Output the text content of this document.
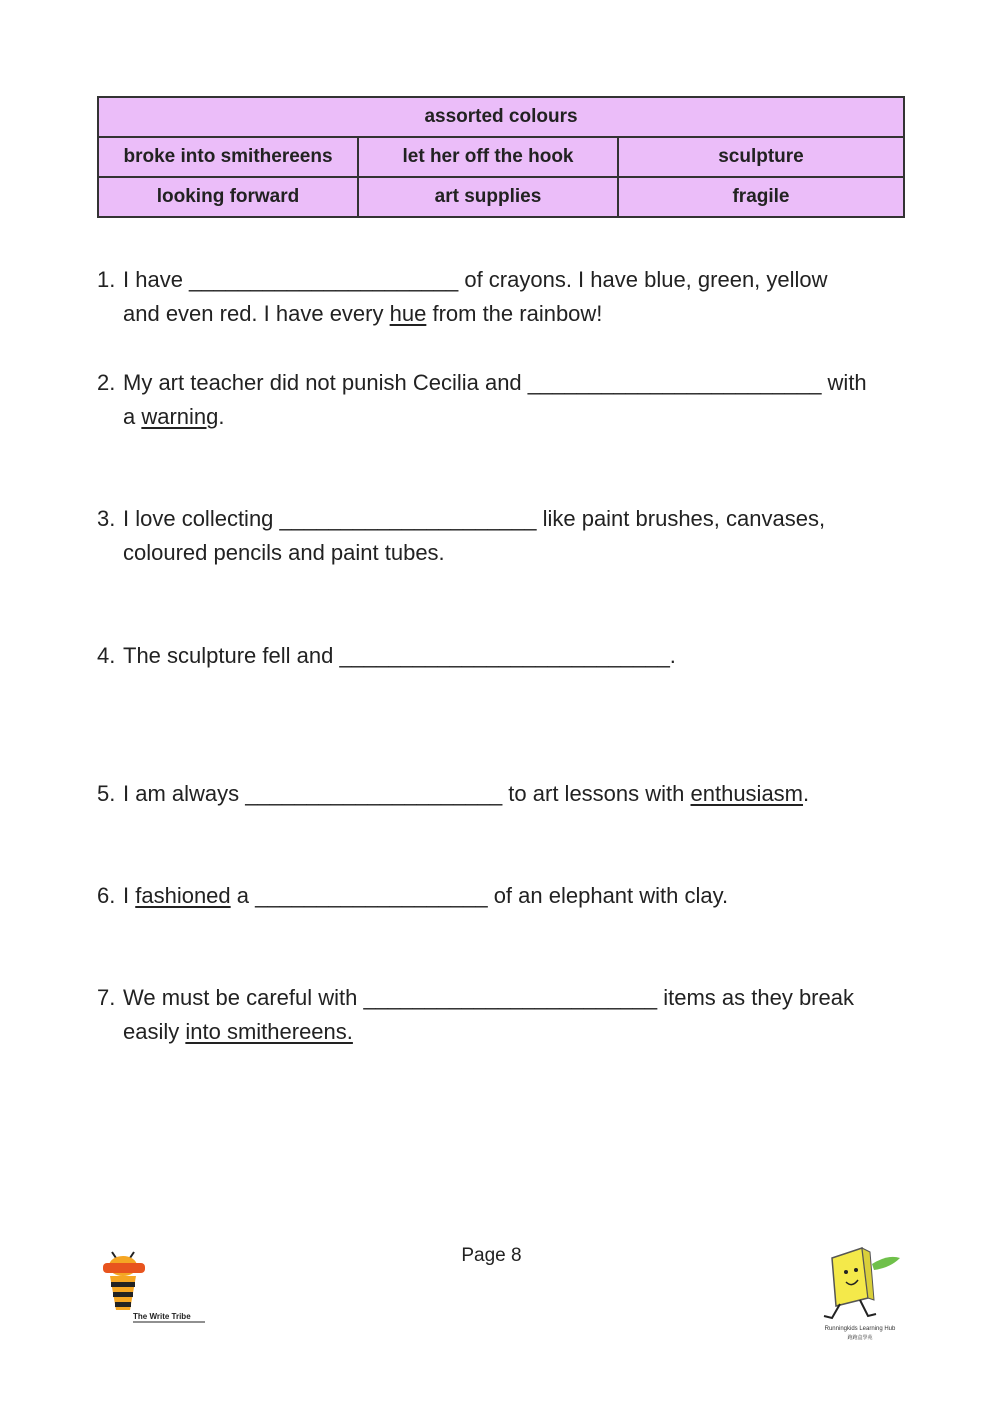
assorted colours		
broke into smithereens	let her off the hook	sculpture
looking forward	art supplies	fragile
1. I have ______________________ of crayons. I have blue, green, yellow
and even red. I have every hue from the rainbow!
2. My art teacher did not punish Cecilia and ________________________ with
a warning.
3. I love collecting _____________________ like paint brushes, canvases,
coloured pencils and paint tubes.
4. The sculpture fell and ___________________________.
5. I am always _____________________ to art lessons with enthusiasm.
6. I fashioned a ___________________ of an elephant with clay.
7. We must be careful with ________________________ items as they break
easily into smithereens.
Page 8
The Write Tribe
Runningkids Learning Hub
跑跑盒學苑
